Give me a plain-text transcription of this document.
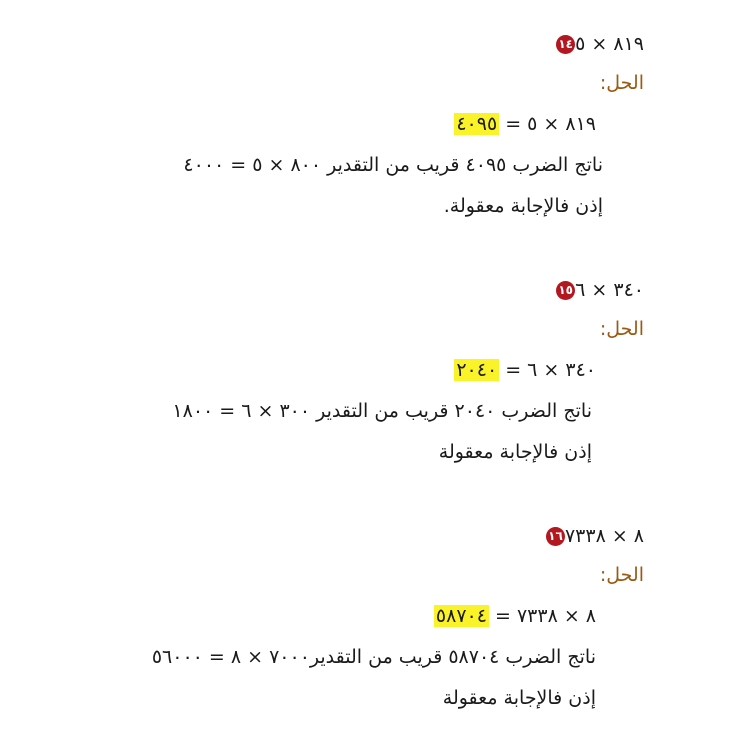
١٤ ٨١٩ × ٥
الحل:
٨١٩ × ٥ = ٤٠٩٥
ناتج الضرب ٤٠٩٥ قريب من التقدير ٨٠٠ × ٥ = ٤٠٠٠
إذن فالإجابة معقولة.
١٥ ٣٤٠ × ٦
الحل:
٣٤٠ × ٦ = ٢٠٤٠
ناتج الضرب ٢٠٤٠ قريب من التقدير ٣٠٠ × ٦ = ١٨٠٠
إذن فالإجابة معقولة
١٦ ٨ × ٧٣٣٨
الحل:
٨ × ٧٣٣٨ = ٥٨٧٠٤
ناتج الضرب ٥٨٧٠٤ قريب من التقدير٧٠٠٠ × ٨ = ٥٦٠٠٠
إذن فالإجابة معقولة
